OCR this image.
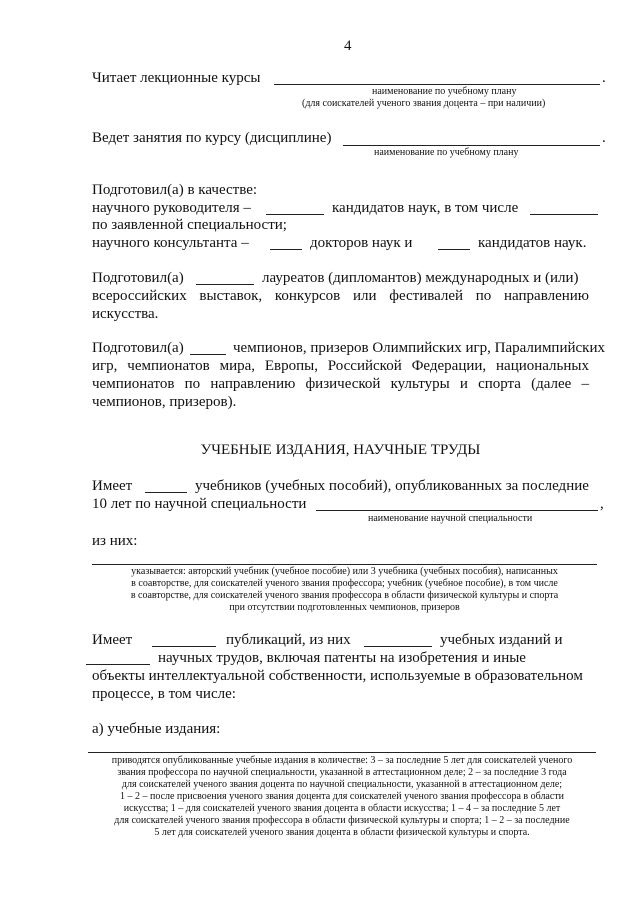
4
Читает лекционные курсы	.
наименование по учебному плану
(для соискателей ученого звания доцента – при наличии)
Ведет занятия по курсу (дисциплине)	.
наименование по учебному плану
Подготовил(а) в качестве:
научного руководителя –	кандидатов наук, в том числе
по заявленной специальности;
научного консультанта –	докторов наук и	кандидатов наук.
Подготовил(а)	лауреатов (дипломантов) международных и (или)
всероссийских выставок, конкурсов или фестивалей по направлению
искусства.
Подготовил(а)	чемпионов, призеров Олимпийских игр, Паралимпийских
игр, чемпионатов мира, Европы, Российской Федерации, национальных
чемпионатов по направлению физической культуры и спорта (далее –
чемпионов, призеров).
УЧЕБНЫЕ ИЗДАНИЯ, НАУЧНЫЕ ТРУДЫ
Имеет	учебников (учебных пособий), опубликованных за последние
10 лет по научной специальности	,
наименование научной специальности
из них:
указывается: авторский учебник (учебное пособие) или 3 учебника (учебных пособия), написанных
в соавторстве, для соискателей ученого звания профессора; учебник (учебное пособие), в том числе
в соавторстве, для соискателей ученого звания профессора в области физической культуры и спорта
при отсутствии подготовленных чемпионов, призеров
Имеет	публикаций, из них	учебных изданий и
научных трудов, включая патенты на изобретения и иные
объекты интеллектуальной собственности, используемые в образовательном
процессе, в том числе:
а) учебные издания:
приводятся опубликованные учебные издания в количестве: 3 – за последние 5 лет для соискателей ученого
звания профессора по научной специальности, указанной в аттестационном деле; 2 – за последние 3 года
для соискателей ученого звания доцента по научной специальности, указанной в аттестационном деле;
1 – 2 – после присвоения ученого звания доцента для соискателей ученого звания профессора в области
искусства; 1 – для соискателей ученого звания доцента в области искусства; 1 – 4 – за последние 5 лет
для соискателей ученого звания профессора в области физической культуры и спорта; 1 – 2 – за последние
5 лет для соискателей ученого звания доцента в области физической культуры и спорта.
